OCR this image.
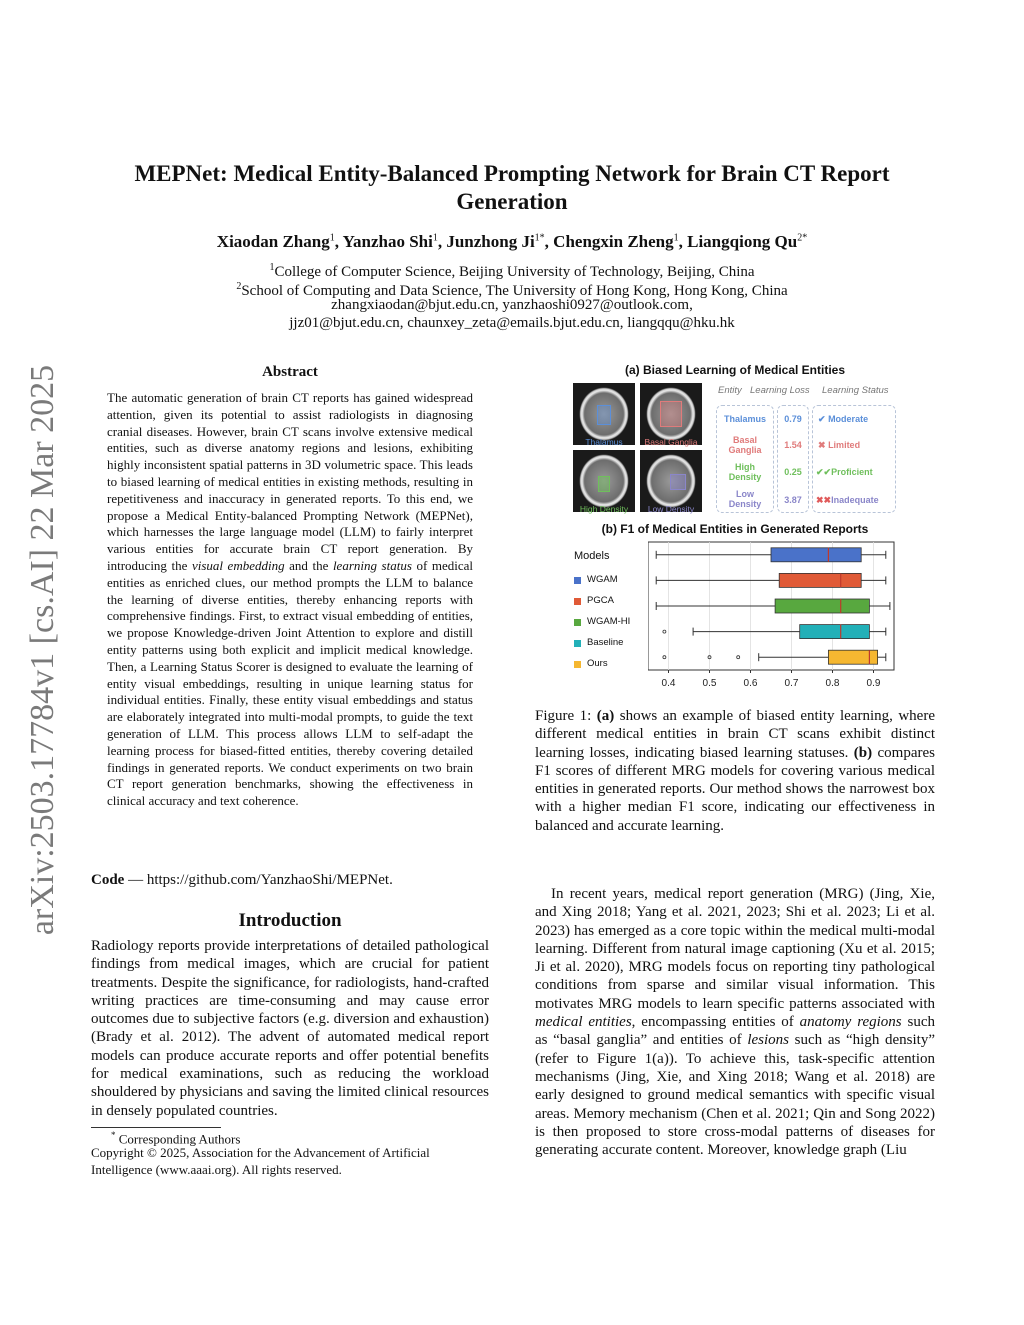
arXiv:2503.17784v1 [cs.AI] 22 Mar 2025
MEPNet: Medical Entity-Balanced Prompting Network for Brain CT Report
Generation
Xiaodan Zhang$^1$, Yanzhao Shi$^1$, Junzhong $Ji^{1*}$, Chengxin Zheng$^1$, Liangqiong $Qu^{2*}$
$^1$College of Computer Science, Beijing University of Technology, Beijing, China
$^2$School of Computing and Data Science, The University of Hong Kong, Hong Kong, China
zhangxiaodan@bjut.edu.cn, yanzhaoshi0927@outlook.com,
jjz01@bjut.edu.cn, chaunxey_zeta@emails.bjut.edu.cn, liangqqu@hku.hk
Abstract
The automatic generation of brain CT reports has gained widespread attention, given its potential to assist radiologists in diagnosing cranial diseases. However, brain CT scans involve extensive medical entities, such as diverse anatomy regions and lesions, exhibiting highly inconsistent spatial patterns in 3D volumetric space. This leads to biased learning of medical entities in existing methods, resulting in repetitiveness and inaccuracy in generated reports. To this end, we propose a Medical Entity-balanced Prompting Network (MEPNet), which harnesses the large language model (LLM) to fairly interpret various entities for accurate brain CT report generation. By introducing the visual embedding and the learning status of medical entities as enriched clues, our method prompts the LLM to balance the learning of diverse entities, thereby enhancing reports with comprehensive findings. First, to extract visual embedding of entities, we propose Knowledge-driven Joint Attention to explore and distill entity patterns using both explicit and implicit medical knowledge. Then, a Learning Status Scorer is designed to evaluate the learning of entity visual embeddings, resulting in unique learning status for individual entities. Finally, these entity visual embeddings and status are elaborately integrated into multi-modal prompts, to guide the text generation of LLM. This process allows LLM to self-adapt the learning process for biased-fitted entities, thereby covering detailed findings in generated reports. We conduct experiments on two brain CT report generation benchmarks, showing the effectiveness in clinical accuracy and text coherence.
Code — https://github.com/YanzhaoShi/MEPNet.
Introduction
Radiology reports provide interpretations of detailed pathological findings from medical images, which are crucial for patient treatments. Despite the significance, for radiologists, hand-crafted writing practices are time-consuming and may cause error outcomes due to subjective factors (e.g. diversion and exhaustion) (Brady et al. 2012). The advent of automated medical report models can produce accurate reports and offer potential benefits for medical examinations, such as reducing the workload shouldered by physicians and saving the limited clinical resources in densely populated countries.
* Corresponding Authors
Copyright © 2025, Association for the Advancement of Artificial Intelligence (www.aaai.org). All rights reserved.
(a) Biased Learning of Medical Entities
Entity Learning Loss Learning Status
Thalamus	Basal Ganglia
High Density	Low Density
Thalamus	0.79	✔ Moderate
Basal
Ganglia	1.54	✖ Limited
High
Density	0.25	✔✔Proficient
Low
Density	3.87	✖✖Inadequate
(b) F1 of Medical Entities in Generated Reports
Models
WGAM
PGCA
WGAM-HI
Baseline
Ours
0.4	0.5	0.6	0.7	0.8	0.9
Figure 1: (a) shows an example of biased entity learning, where different medical entities in brain CT scans exhibit distinct learning losses, indicating biased learning statuses. (b) compares F1 scores of different MRG models for covering various medical entities in generated reports. Our method shows the narrowest box with a higher median F1 score, indicating our effectiveness in balanced and accurate learning.
In recent years, medical report generation (MRG) (Jing, Xie, and Xing 2018; Yang et al. 2021, 2023; Shi et al. 2023; Li et al. 2023) has emerged as a core topic within the medical multi-modal learning. Different from natural image captioning (Xu et al. 2015; Ji et al. 2020), MRG models focus on reporting tiny pathological conditions from sparse and similar visual information. This motivates MRG models to learn specific patterns associated with medical entities, encompassing entities of anatomy regions such as “basal ganglia” and entities of lesions such as “high density” (refer to Figure 1(a)). To achieve this, task-specific attention mechanisms (Jing, Xie, and Xing 2018; Wang et al. 2018) are early designed to ground medical semantics with specific visual areas. Memory mechanism (Chen et al. 2021; Qin and Song 2022) is then proposed to store cross-modal patterns of diseases for generating accurate content. Moreover, knowledge graph (Liu
